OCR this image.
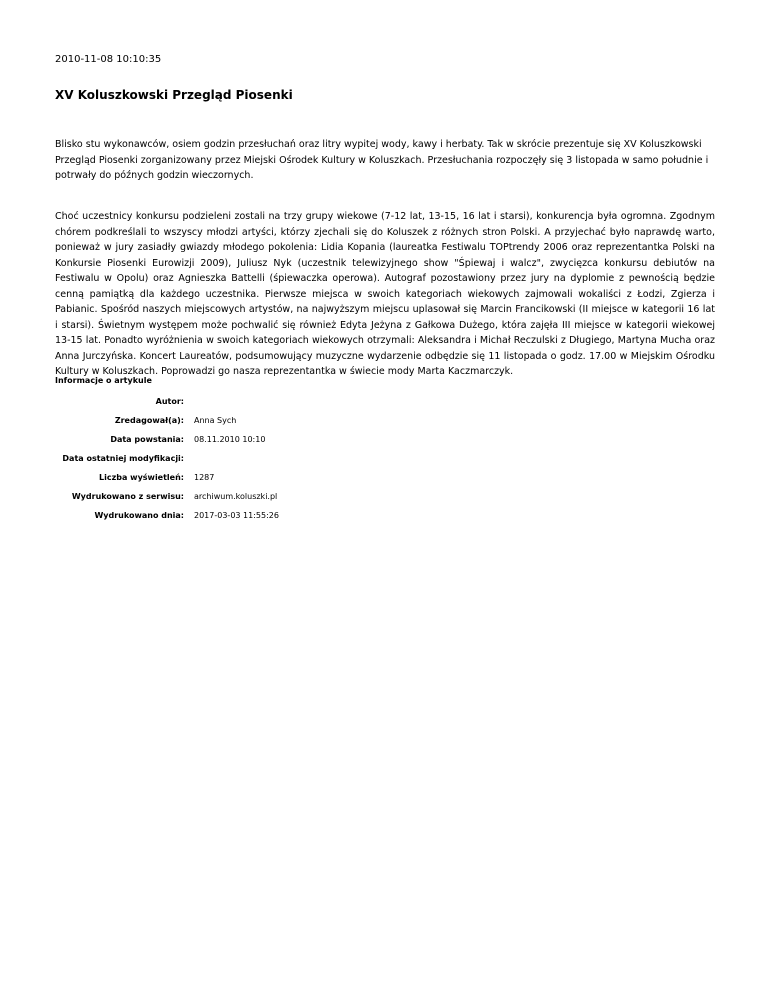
2010-11-08 10:10:35
XV Koluszkowski Przegląd Piosenki

Blisko stu wykonawców, osiem godzin przesłuchań oraz litry wypitej wody, kawy i herbaty. Tak w skrócie prezentuje się XV Koluszkowski Przegląd Piosenki zorganizowany przez Miejski Ośrodek Kultury w Koluszkach. Przesłuchania rozpoczęły się 3 listopada w samo południe i potrwały do późnych godzin wieczornych.

Choć uczestnicy konkursu podzieleni zostali na trzy grupy wiekowe (7-12 lat, 13-15, 16 lat i starsi), konkurencja była ogromna. Zgodnym chórem podkreślali to wszyscy młodzi artyści, którzy zjechali się do Koluszek z różnych stron Polski. A przyjechać było naprawdę warto, ponieważ w jury zasiadły gwiazdy młodego pokolenia: Lidia Kopania (laureatka Festiwalu TOPtrendy 2006 oraz reprezentantka Polski na Konkursie Piosenki Eurowizji 2009), Juliusz Nyk (uczestnik telewizyjnego show "Śpiewaj i walcz", zwycięzca konkursu debiutów na Festiwalu w Opolu) oraz Agnieszka Battelli (śpiewaczka operowa). Autograf pozostawiony przez jury na dyplomie z pewnością będzie cenną pamiątką dla każdego uczestnika. Pierwsze miejsca w swoich kategoriach wiekowych zajmowali wokaliści z Łodzi, Zgierza i Pabianic. Spośród naszych miejscowych artystów, na najwyższym miejscu uplasował się Marcin Francikowski (II miejsce w kategorii 16 lat i starsi). Świetnym występem może pochwalić się również Edyta Jeżyna z Gałkowa Dużego, która zajęła III miejsce w kategorii wiekowej 13-15 lat. Ponadto wyróżnienia w swoich kategoriach wiekowych otrzymali: Aleksandra i Michał Reczulski z Długiego, Martyna Mucha oraz Anna Jurczyńska. Koncert Laureatów, podsumowujący muzyczne wydarzenie odbędzie się 11 listopada o godz. 17.00 w Miejskim Ośrodku Kultury w Koluszkach. Poprowadzi go nasza reprezentantka w świecie mody Marta Kaczmarczyk.

Informacje o artykule
Autor:	
Zredagował(a):	Anna Sych
Data powstania:	08.11.2010 10:10
Data ostatniej modyfikacji:	
Liczba wyświetleń:	1287
Wydrukowano z serwisu:	archiwum.koluszki.pl
Wydrukowano dnia:	2017-03-03 11:55:26
